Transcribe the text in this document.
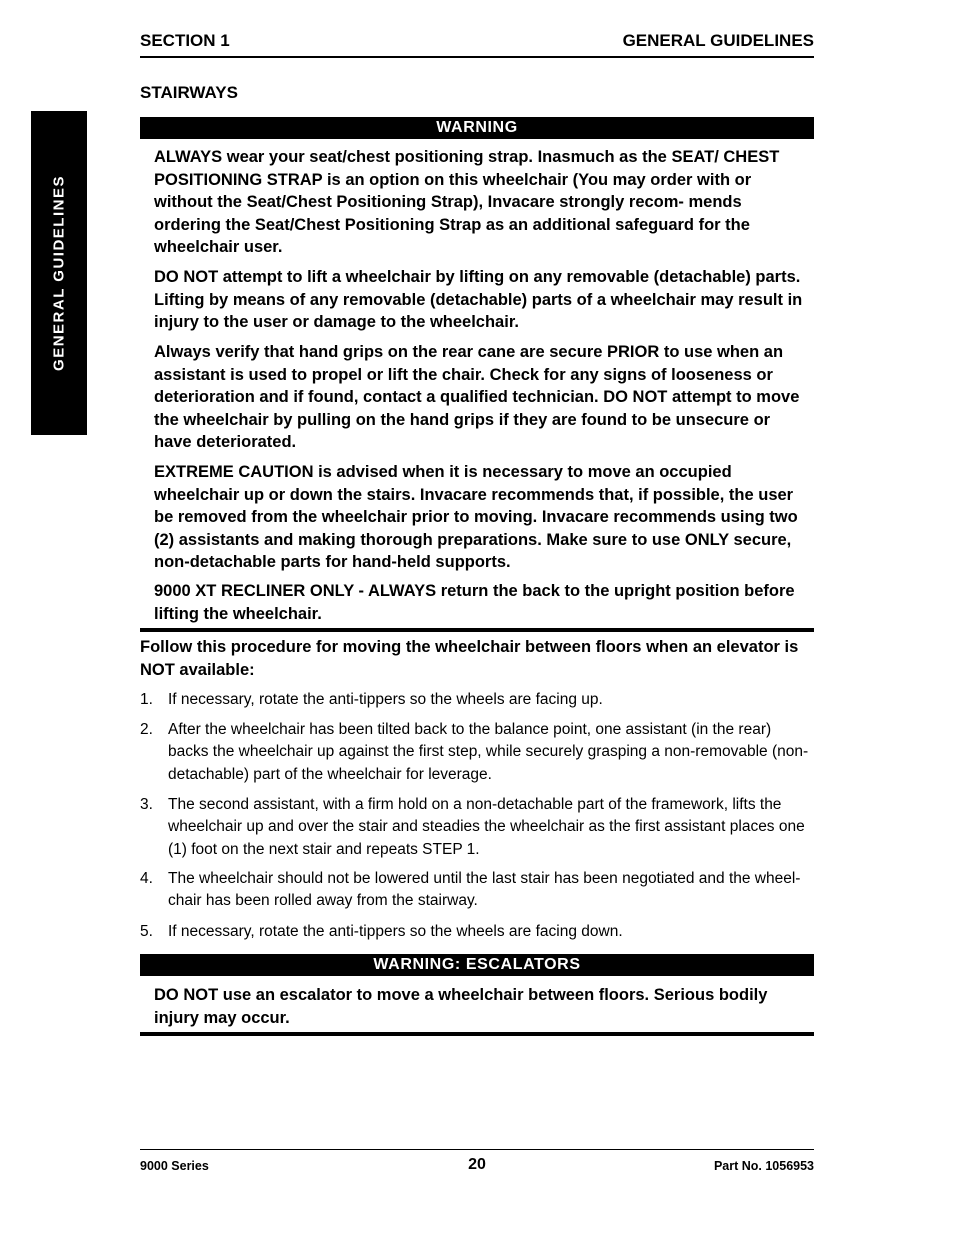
SECTION 1	GENERAL GUIDELINES
GENERAL GUIDELINES
STAIRWAYS
WARNING

ALWAYS wear your seat/chest positioning strap. Inasmuch as the SEAT/ CHEST POSITIONING STRAP is an option on this wheelchair (You may order with or without the Seat/Chest Positioning Strap), Invacare strongly recom- mends ordering the Seat/Chest Positioning Strap as an additional safeguard for the wheelchair user.

DO NOT attempt to lift a wheelchair by lifting on any removable (detachable) parts. Lifting by means of any removable (detachable) parts of a wheelchair may result in injury to the user or damage to the wheelchair.

Always verify that hand grips on the rear cane are secure PRIOR to use when an assistant is used to propel or lift the chair. Check for any signs of looseness or deterioration and if found, contact a qualified technician. DO NOT attempt to move the wheelchair by pulling on the hand grips if they are found to be unsecure or have deteriorated.

EXTREME CAUTION is advised when it is necessary to move an occupied wheelchair up or down the stairs. Invacare recommends that, if possible, the user be removed from the wheelchair prior to moving. Invacare recommends using two (2) assistants and making thorough preparations. Make sure to use ONLY secure, non-detachable parts for hand-held supports.

9000 XT RECLINER ONLY - ALWAYS return the back to the upright position before lifting the wheelchair.

Follow this procedure for moving the wheelchair between floors when an elevator is NOT available:

1. If necessary, rotate the anti-tippers so the wheels are facing up.
2. After the wheelchair has been tilted back to the balance point, one assistant (in the rear) backs the wheelchair up against the first step, while securely grasping a non-removable (non- detachable) part of the wheelchair for leverage.
3. The second assistant, with a firm hold on a non-detachable part of the framework, lifts the wheelchair up and over the stair and steadies the wheelchair as the first assistant places one (1) foot on the next stair and repeats STEP 1.
4. The wheelchair should not be lowered until the last stair has been negotiated and the wheel- chair has been rolled away from the stairway.
5. If necessary, rotate the anti-tippers so the wheels are facing down.
WARNING: ESCALATORS

DO NOT use an escalator to move a wheelchair between floors. Serious bodily injury may occur.

9000 Series	20	Part No. 1056953
